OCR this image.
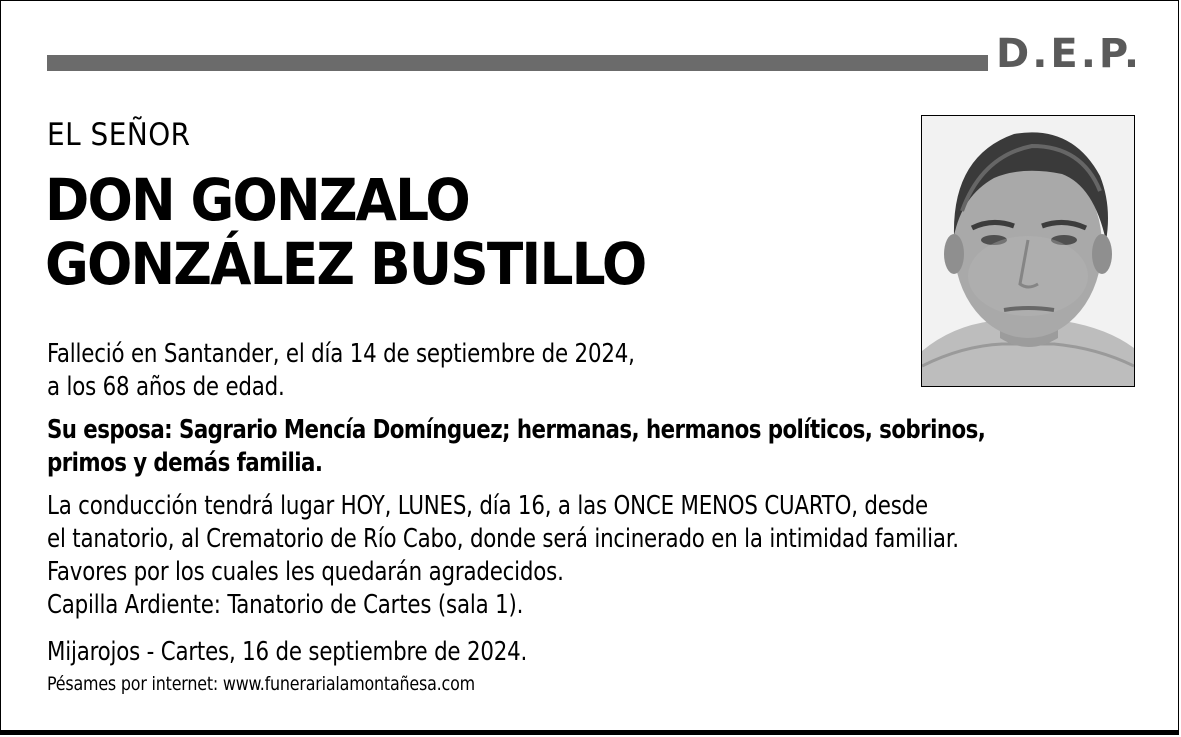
D.E.P.
EL SEÑOR
DON GONZALO
GONZÁLEZ BUSTILLO
Falleció en Santander, el día 14 de septiembre de 2024,
a los 68 años de edad.
Su esposa: Sagrario Mencía Domínguez; hermanas, hermanos políticos, sobrinos,
primos y demás familia.
La conducción tendrá lugar HOY, LUNES, día 16, a las ONCE MENOS CUARTO, desde
el tanatorio, al Crematorio de Río Cabo, donde será incinerado en la intimidad familiar.
Favores por los cuales les quedarán agradecidos.
Capilla Ardiente: Tanatorio de Cartes (sala 1).
Mijarojos - Cartes, 16 de septiembre de 2024.
Pésames por internet: www.funerarialamontañesa.com
